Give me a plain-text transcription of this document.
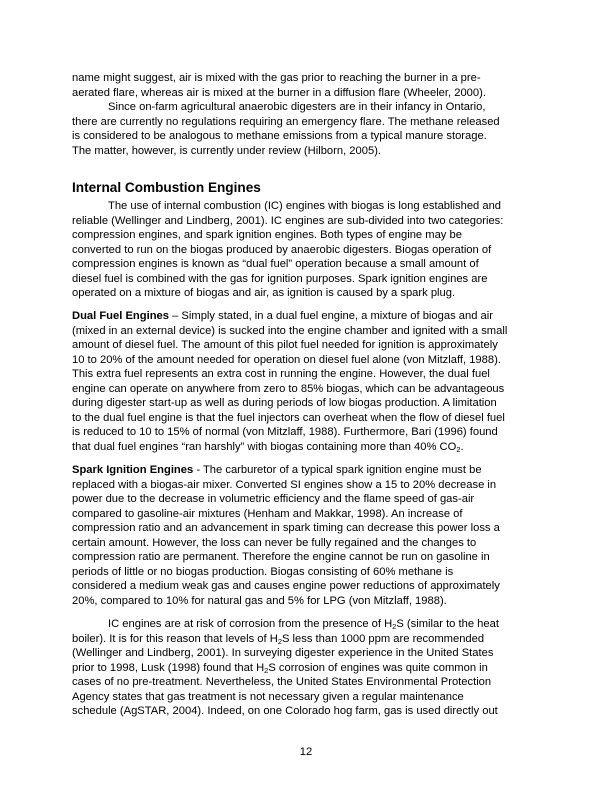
name might suggest, air is mixed with the gas prior to reaching the burner in a pre-
aerated flare, whereas air is mixed at the burner in a diffusion flare (Wheeler, 2000).
Since on-farm agricultural anaerobic digesters are in their infancy in Ontario,
there are currently no regulations requiring an emergency flare. The methane released
is considered to be analogous to methane emissions from a typical manure storage.
The matter, however, is currently under review (Hilborn, 2005).
Internal Combustion Engines
The use of internal combustion (IC) engines with biogas is long established and
reliable (Wellinger and Lindberg, 2001). IC engines are sub-divided into two categories:
compression engines, and spark ignition engines. Both types of engine may be
converted to run on the biogas produced by anaerobic digesters. Biogas operation of
compression engines is known as “dual fuel” operation because a small amount of
diesel fuel is combined with the gas for ignition purposes. Spark ignition engines are
operated on a mixture of biogas and air, as ignition is caused by a spark plug.
Dual Fuel Engines – Simply stated, in a dual fuel engine, a mixture of biogas and air
(mixed in an external device) is sucked into the engine chamber and ignited with a small
amount of diesel fuel. The amount of this pilot fuel needed for ignition is approximately
10 to 20% of the amount needed for operation on diesel fuel alone (von Mitzlaff, 1988).
This extra fuel represents an extra cost in running the engine. However, the dual fuel
engine can operate on anywhere from zero to 85% biogas, which can be advantageous
during digester start-up as well as during periods of low biogas production. A limitation
to the dual fuel engine is that the fuel injectors can overheat when the flow of diesel fuel
is reduced to 10 to 15% of normal (von Mitzlaff, 1988). Furthermore, Bari (1996) found
that dual fuel engines “ran harshly” with biogas containing more than 40% $CO_2$.
Spark Ignition Engines - The carburetor of a typical spark ignition engine must be
replaced with a biogas-air mixer. Converted SI engines show a 15 to 20% decrease in
power due to the decrease in volumetric efficiency and the flame speed of gas-air
compared to gasoline-air mixtures (Henham and Makkar, 1998). An increase of
compression ratio and an advancement in spark timing can decrease this power loss a
certain amount. However, the loss can never be fully regained and the changes to
compression ratio are permanent. Therefore the engine cannot be run on gasoline in
periods of little or no biogas production. Biogas consisting of 60% methane is
considered a medium weak gas and causes engine power reductions of approximately
20%, compared to 10% for natural gas and 5% for LPG (von Mitzlaff, 1988).
IC engines are at risk of corrosion from the presence of $H_2S$ (similar to the heat
boiler). It is for this reason that levels of $H_2S$ less than 1000 ppm are recommended
(Wellinger and Lindberg, 2001). In surveying digester experience in the United States
prior to 1998, Lusk (1998) found that $H_2S$ corrosion of engines was quite common in
cases of no pre-treatment. Nevertheless, the United States Environmental Protection
Agency states that gas treatment is not necessary given a regular maintenance
schedule (AgSTAR, 2004). Indeed, on one Colorado hog farm, gas is used directly out
12
